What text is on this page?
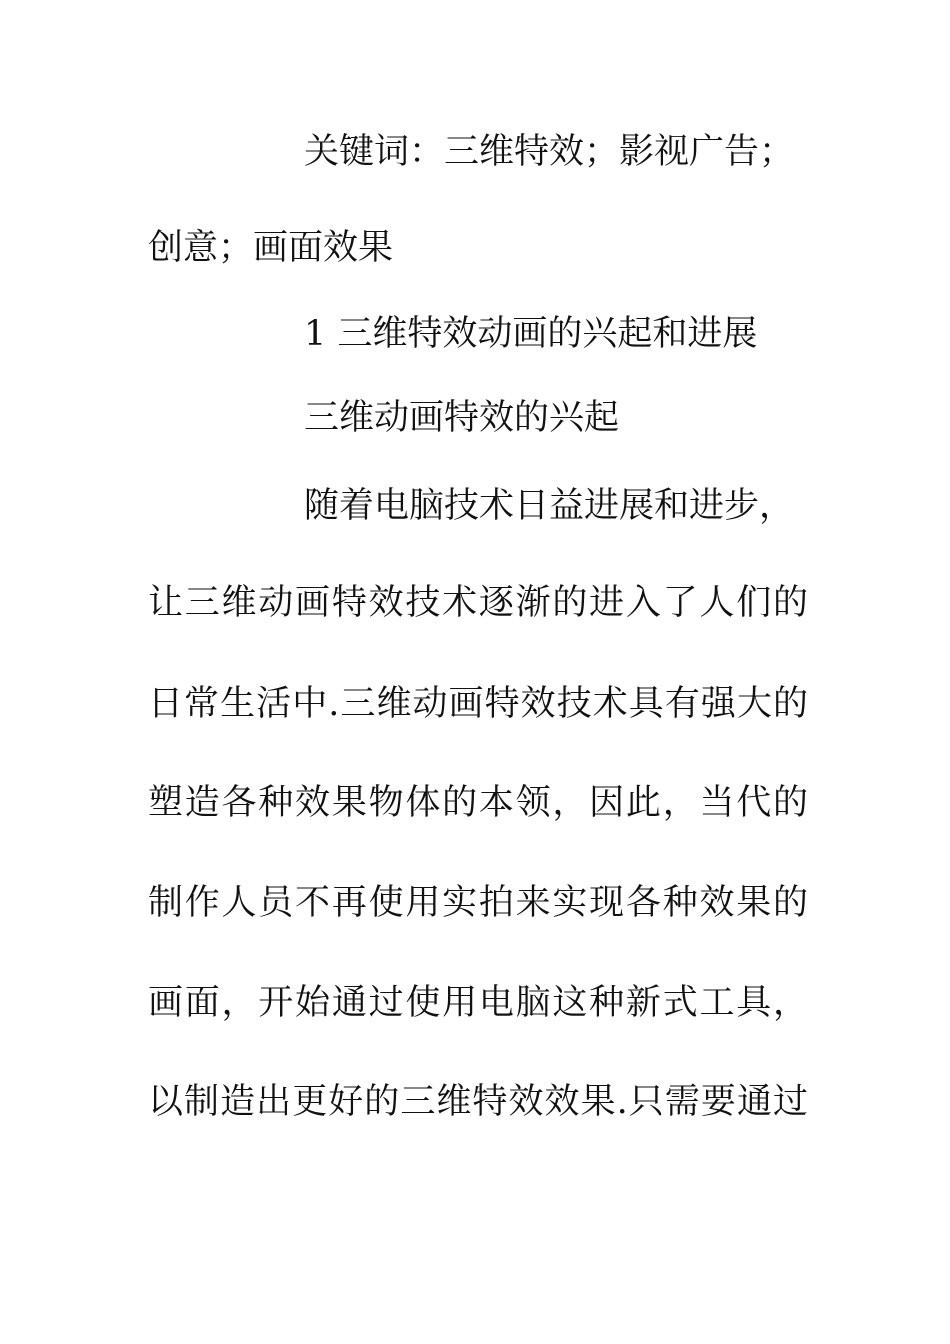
关键词：三维特效；影视广告；
创意；画面效果
1 三维特效动画的兴起和进展
三维动画特效的兴起
随着电脑技术日益进展和进步，
让三维动画特效技术逐渐的进入了人们的
日常生活中.三维动画特效技术具有强大的
塑造各种效果物体的本领，因此，当代的
制作人员不再使用实拍来实现各种效果的
画面，开始通过使用电脑这种新式工具，
以制造出更好的三维特效效果.只需要通过
